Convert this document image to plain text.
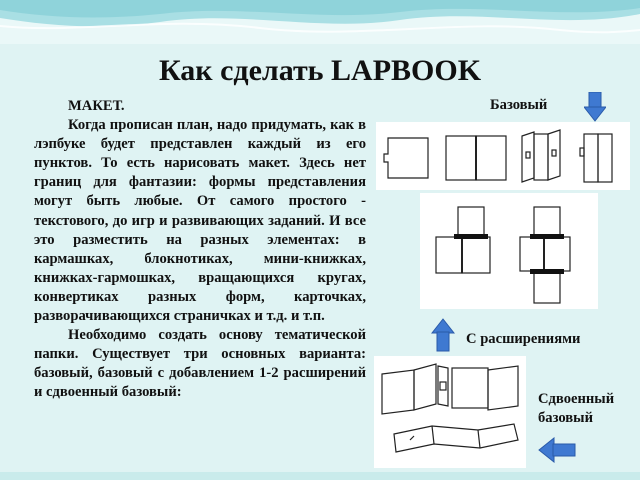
Как сделать LAPBOOK

МАКЕТ.

Когда прописан план, надо придумать, как в лэпбуке будет представлен каждый из его пунктов. То есть нарисовать макет. Здесь нет границ для фантазии: формы представления могут быть любые. От самого простого - текстового, до игр и развивающих заданий. И все это разместить на разных элементах: в кармашках, блокнотиках, мини-книжках, книжках-гармошках, вращающихся кругах, конвертиках разных форм, карточках, разворачивающихся страничках и т.д. и т.п.

Необходимо создать основу тематической папки. Существует три основных варианта: базовый, базовый с добавлением 1-2 расширений и сдвоенный базовый:

Базовый
С расширениями
Сдвоенный
базовый
